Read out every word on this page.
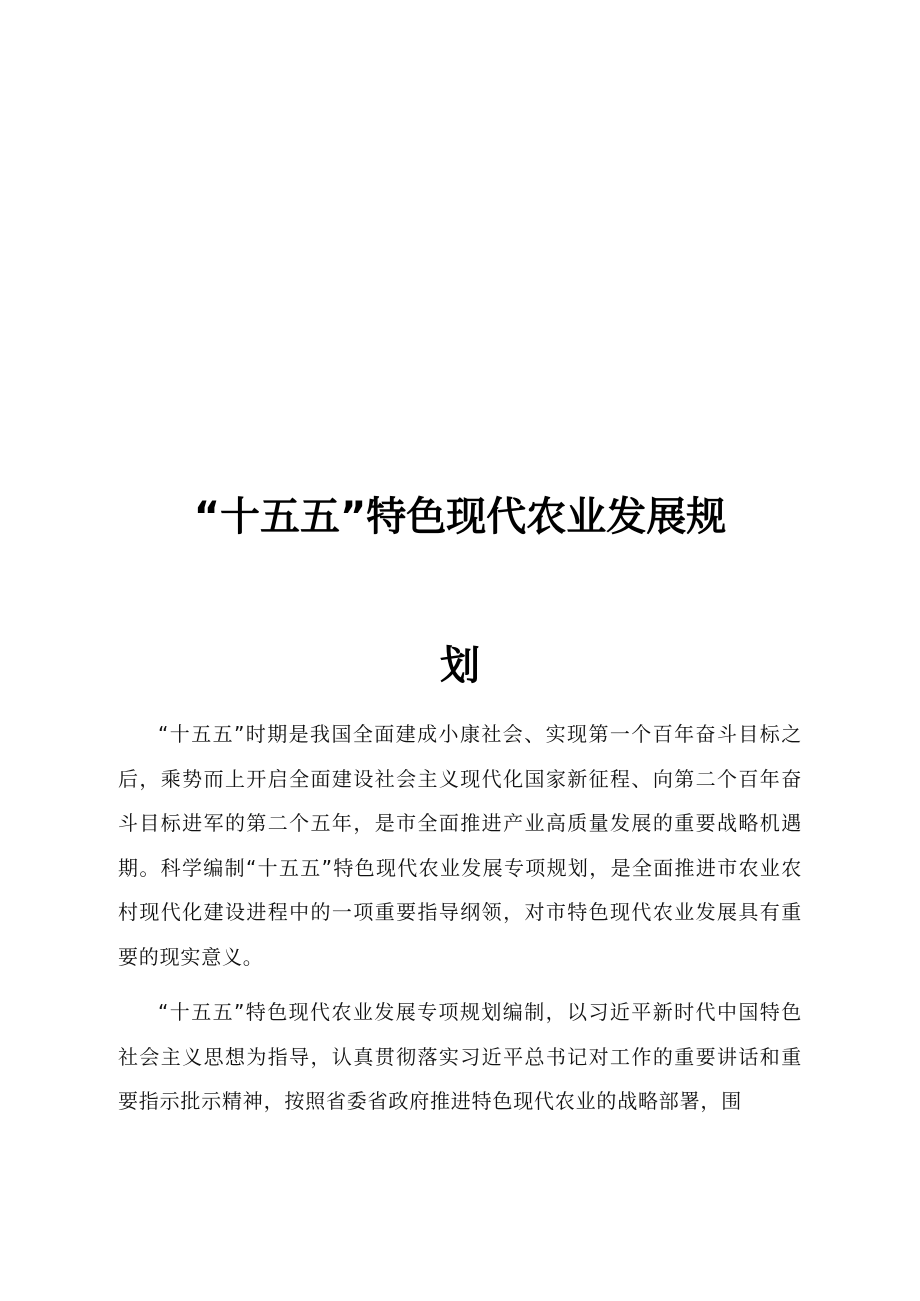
“十五五”特色现代农业发展规
划

“十五五”时期是我国全面建成小康社会、实现第一个百年奋斗目标之后，乘势而上开启全面建设社会主义现代化国家新征程、向第二个百年奋斗目标进军的第二个五年，是市全面推进产业高质量发展的重要战略机遇期。科学编制“十五五”特色现代农业发展专项规划，是全面推进市农业农村现代化建设进程中的一项重要指导纲领，对市特色现代农业发展具有重要的现实意义。

“十五五”特色现代农业发展专项规划编制，以习近平新时代中国特色社会主义思想为指导，认真贯彻落实习近平总书记对工作的重要讲话和重要指示批示精神，按照省委省政府推进特色现代农业的战略部署，围
